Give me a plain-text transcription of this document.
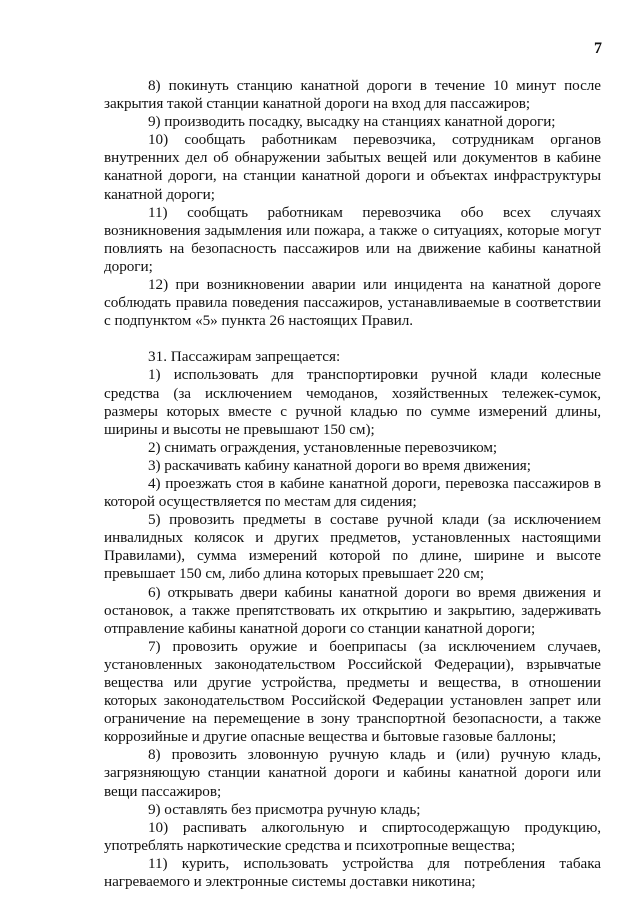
7

8) покинуть станцию канатной дороги в течение 10 минут после закрытия такой станции канатной дороги на вход для пассажиров;

9) производить посадку, высадку на станциях канатной дороги;

10) сообщать работникам перевозчика, сотрудникам органов внутренних дел об обнаружении забытых вещей или документов в кабине канатной дороги, на станции канатной дороги и объектах инфраструктуры канатной дороги;

11) сообщать работникам перевозчика обо всех случаях возникновения задымления или пожара, а также о ситуациях, которые могут повлиять на безопасность пассажиров или на движение кабины канатной дороги;

12) при возникновении аварии или инцидента на канатной дороге соблюдать правила поведения пассажиров, устанавливаемые в соответствии с подпунктом «5» пункта 26 настоящих Правил.

31. Пассажирам запрещается:

1) использовать для транспортировки ручной клади колесные средства (за исключением чемоданов, хозяйственных тележек-сумок, размеры которых вместе с ручной кладью по сумме измерений длины, ширины и высоты не превышают 150 см);

2) снимать ограждения, установленные перевозчиком;

3) раскачивать кабину канатной дороги во время движения;

4) проезжать стоя в кабине канатной дороги, перевозка пассажиров в которой осуществляется по местам для сидения;

5) провозить предметы в составе ручной клади (за исключением инвалидных колясок и других предметов, установленных настоящими Правилами), сумма измерений которой по длине, ширине и высоте превышает 150 см, либо длина которых превышает 220 см;

6) открывать двери кабины канатной дороги во время движения и остановок, а также препятствовать их открытию и закрытию, задерживать отправление кабины канатной дороги со станции канатной дороги;

7) провозить оружие и боеприпасы (за исключением случаев, установленных законодательством Российской Федерации), взрывчатые вещества или другие устройства, предметы и вещества, в отношении которых законодательством Российской Федерации установлен запрет или ограничение на перемещение в зону транспортной безопасности, а также коррозийные и другие опасные вещества и бытовые газовые баллоны;

8) провозить зловонную ручную кладь и (или) ручную кладь, загрязняющую станции канатной дороги и кабины канатной дороги или вещи пассажиров;

9) оставлять без присмотра ручную кладь;

10) распивать алкогольную и спиртосодержащую продукцию, употреблять наркотические средства и психотропные вещества;

11) курить, использовать устройства для потребления табака нагреваемого и электронные системы доставки никотина;
